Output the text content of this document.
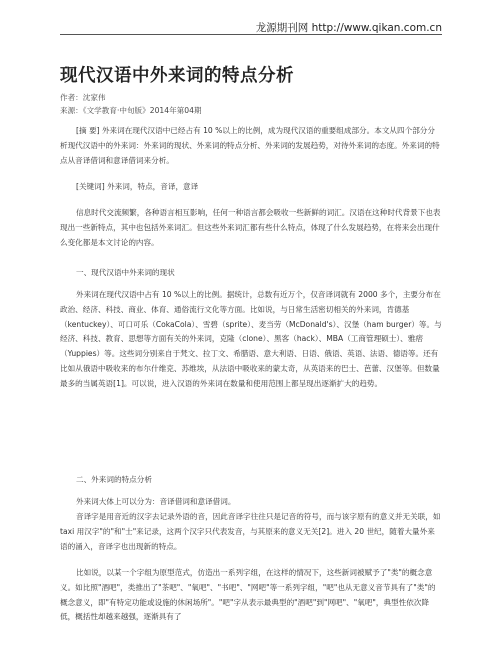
龙源期刊网 http://www.qikan.com.cn
现代汉语中外来词的特点分析
作者：沈家伟
来源：《文学教育·中旬版》2014年第04期

[摘 要] 外来词在现代汉语中已经占有 10 %以上的比例，成为现代汉语的重要组成部分。本文从四个部分分析现代汉语中的外来词：外来词的现状、外来词的特点分析、外来词的发展趋势，对待外来词的态度。外来词的特点从音译借词和意译借词来分析。

[关键词] 外来词，特点，音译，意译

信息时代交流频繁，各种语言相互影响，任何一种语言都会吸收一些新鲜的词汇。汉语在这种时代背景下也表现出一些新特点，其中也包括外来词汇。但这些外来词汇都有些什么特点，体现了什么发展趋势，在将来会出现什么变化都是本文讨论的内容。

一、现代汉语中外来词的现状

外来词在现代汉语中占有 10 %以上的比例。据统计，总数有近万个，仅音译词就有 2000 多个，主要分布在政治、经济、科技、商业、体育、通俗流行文化等方面。比如说，与日常生活密切相关的外来词，肯德基（kentuckey）、可口可乐（CokaCola）、雪碧（sprite）、麦当劳（McDonald's）、汉堡（ham burger）等。与经济、科技、教育、思想等方面有关的外来词，克隆（clone）、黑客（hack）、MBA（工商管理硕士）、雅痞（Yuppies）等。这些词分别来自于梵文、拉丁文、希腊语、意大利语、日语、俄语、英语、法语、德语等。还有比如从俄语中吸收来的布尔什维克、苏维埃，从法语中吸收来的蒙太奇，从英语来的巴士、芭蕾、汉堡等。但数量最多的当属英语[1]。可以说，进入汉语的外来词在数量和使用范围上都呈现出逐渐扩大的趋势。

二、外来词的特点分析

外来词大体上可以分为：音译借词和意译借词。

音译字是用音近的汉字去记录外语的音，因此音译字往往只是记音的符号，而与该字原有的意义并无关联，如 taxi 用汉字"的"和"士"来记录，这两个汉字只代表发音，与其原来的意义无关[2]。进入 20 世纪，随着大量外来语的涌入，音译字也出现新的特点。

比如说，以某一个字组为原型范式，仿造出一系列字组，在这样的情况下，这些新词被赋予了"类"的概念意义。如比照"酒吧"，类推出了"茶吧"、"氧吧"、"书吧"、"网吧"等一系列字组，"吧"也从无意义音节具有了"类"的概念意义，即"有特定功能或设施的休闲场所"。"吧"字从表示最典型的"酒吧"到"网吧"、"氧吧"，典型性依次降低，概括性却越来越强，逐渐具有了
